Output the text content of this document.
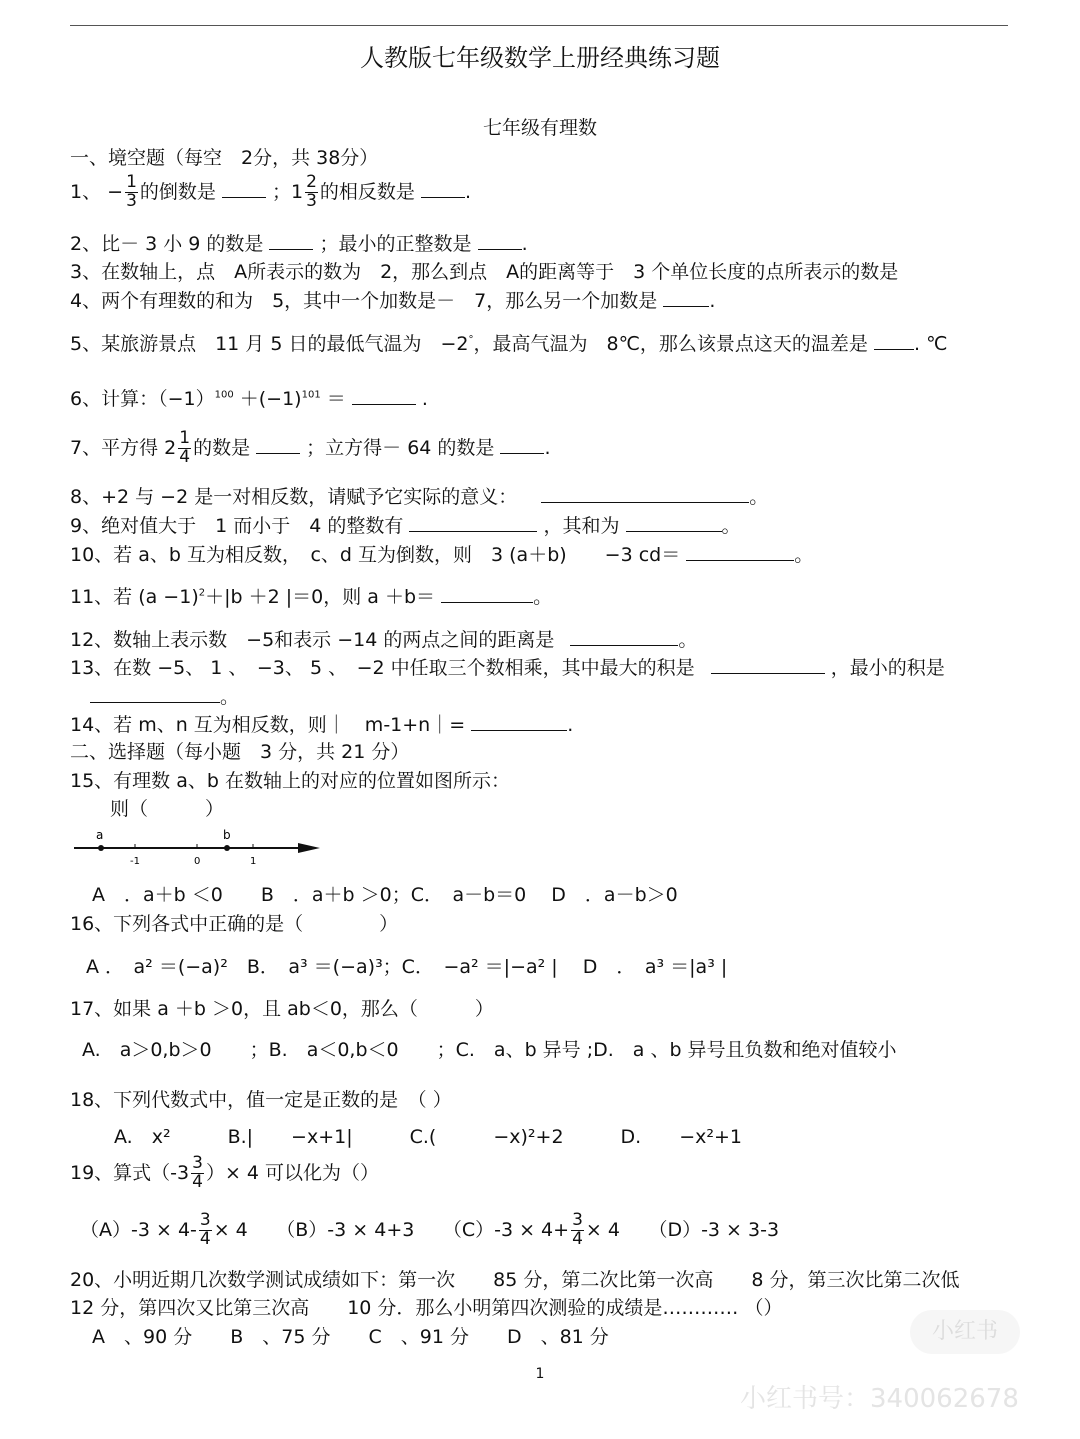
人教版七年级数学上册经典练习题
七年级有理数
一、境空题（每空　2分，共 38分）
1、 − $\frac{1}{3}$ 的倒数是	；$1 \frac{2}{3}$ 的相反数是	.
2、比－ 3 小 9 的数是	；最小的正整数是	.
3、在数轴上，点　A所表示的数为　2，那么到点　A的距离等于　3 个单位长度的点所表示的数是
4、两个有理数的和为　5，其中一个加数是－　7，那么另一个加数是	.
5、某旅游景点　11 月 5 日的最低气温为　−2°，最高气温为　8℃，那么该景点这天的温差是 . ℃
6、计算：$(-1)^{100} +(-1)^{101}$ ＝	.
7、平方得 $2 \frac{1}{4}$ 的数是	；立方得－ 64 的数是	.
8、+2 与 −2 是一对相反数，请赋予它实际的意义：	。
9、绝对值大于　1 而小于　4 的整数有	，其和为	。
10、若 a、b 互为相反数，　c、d 互为倒数，则　3 (a＋b)　　−3 cd＝	。
11、若 $(a -1)^2+|b +2$ |＝0，则 a ＋b＝	。
12、数轴上表示数　−5和表示 −14 的两点之间的距离是	。
13、在数 −5、 1 、　−3、 5 、　−2 中任取三个数相乘，其中最大的积是	，最小的积是
。
14、若 m、n 互为相反数，则｜　m-1+n｜=	.
二、选择题（每小题　3 分，共 21 分）
15、有理数 a、b 在数轴上的对应的位置如图所示：
则（　　　）
a	b
-1	0	1
A　．a＋b ＜0　　B　．a＋b ＞0；C．　a－b＝0　 D　．a－b＞0
16、下列各式中正确的是（　　　　）
A ．　a² ＝(−a)²　B．　a³ ＝(−a)³；C．　−a² ＝|−a² |　 D　．　a³ ＝|a³ |
17、如果 a ＋b ＞0，且 ab＜0，那么（　　　）
A.　a＞0,b＞0　　；B.　a＜0,b＜0　　；C.　a、b 异号 ;D.　a 、b 异号且负数和绝对值较小
18、下列代数式中，值一定是正数的是　（ ）
A.　x²　　　B.|　　−x+1|　　　C.(　　　−x)²+2　　　D.　　−x²+1
19、算式（$-3 \frac{3}{4}$ ）× 4 可以化为（）
$(A)-3 \times 4- \frac{3}{4} \times 4$　　（B）-3 × 4+3　　$(C)-3 \times 4+ \frac{3}{4} \times 4$　　（D）-3 × 3-3
20、小明近期几次数学测试成绩如下：第一次　　85 分，第二次比第一次高　　8 分，第三次比第二次低
12 分，第四次又比第三次高　　10 分．那么小明第四次测验的成绩是………… （）
A　、90 分　　B　、75 分　　C　、91 分　　D　、81 分	小红书
1
小红书号：340062678
